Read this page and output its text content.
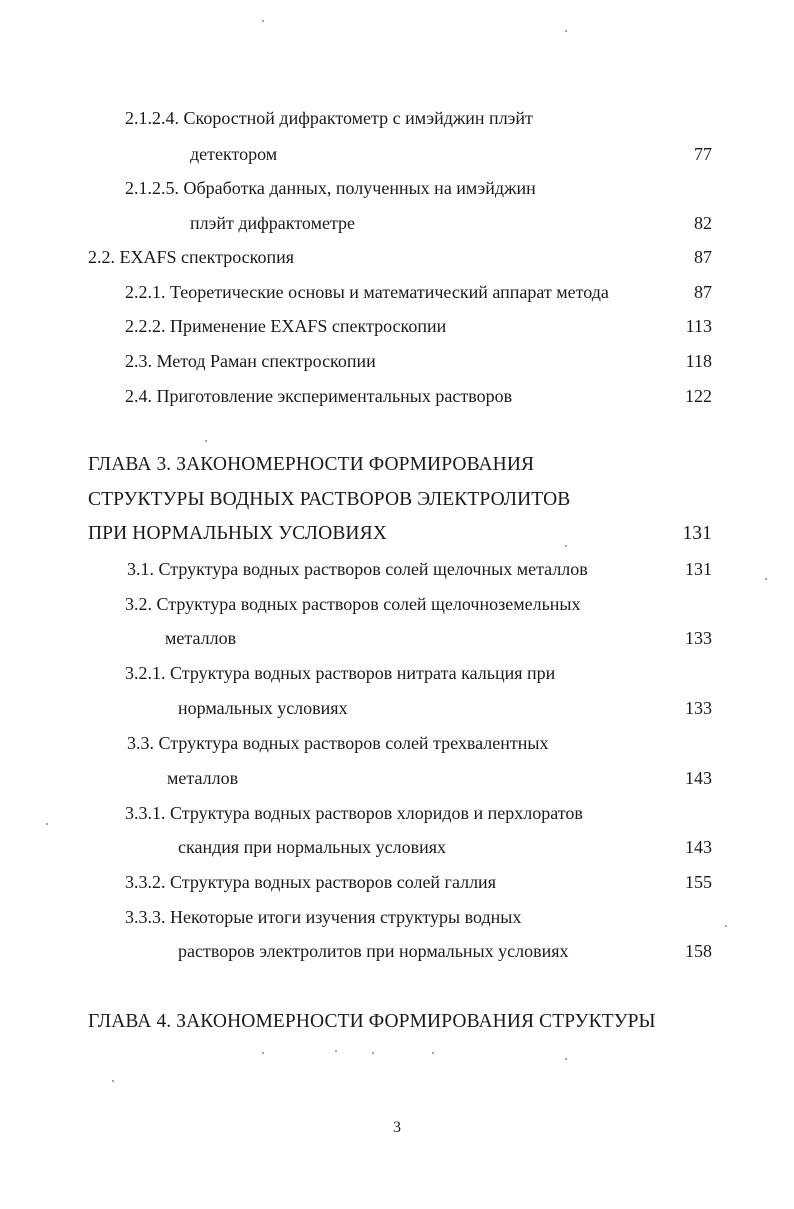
2.1.2.4. Скоростной дифрактометр с имэйджин плэйт
детектором	77
2.1.2.5. Обработка данных, полученных на имэйджин
плэйт дифрактометре	82
2.2. EXAFS спектроскопия	87
2.2.1. Теоретические основы и математический аппарат метода	87
2.2.2. Применение EXAFS спектроскопии	113
2.3. Метод Раман спектроскопии	118
2.4. Приготовление экспериментальных растворов	122
ГЛАВА 3. ЗАКОНОМЕРНОСТИ ФОРМИРОВАНИЯ
СТРУКТУРЫ ВОДНЫХ РАСТВОРОВ ЭЛЕКТРОЛИТОВ
ПРИ НОРМАЛЬНЫХ УСЛОВИЯХ	131
3.1. Структура водных растворов солей щелочных металлов	131
3.2. Структура водных растворов солей щелочноземельных
металлов	133
3.2.1. Структура водных растворов нитрата кальция при
нормальных условиях	133
3.3. Структура водных растворов солей трехвалентных
металлов	143
3.3.1. Структура водных растворов хлоридов и перхлоратов
скандия при нормальных условиях	143
3.3.2. Структура водных растворов солей галлия	155
3.3.3. Некоторые итоги изучения структуры водных
растворов электролитов при нормальных условиях	158
ГЛАВА 4. ЗАКОНОМЕРНОСТИ ФОРМИРОВАНИЯ СТРУКТУРЫ
3
